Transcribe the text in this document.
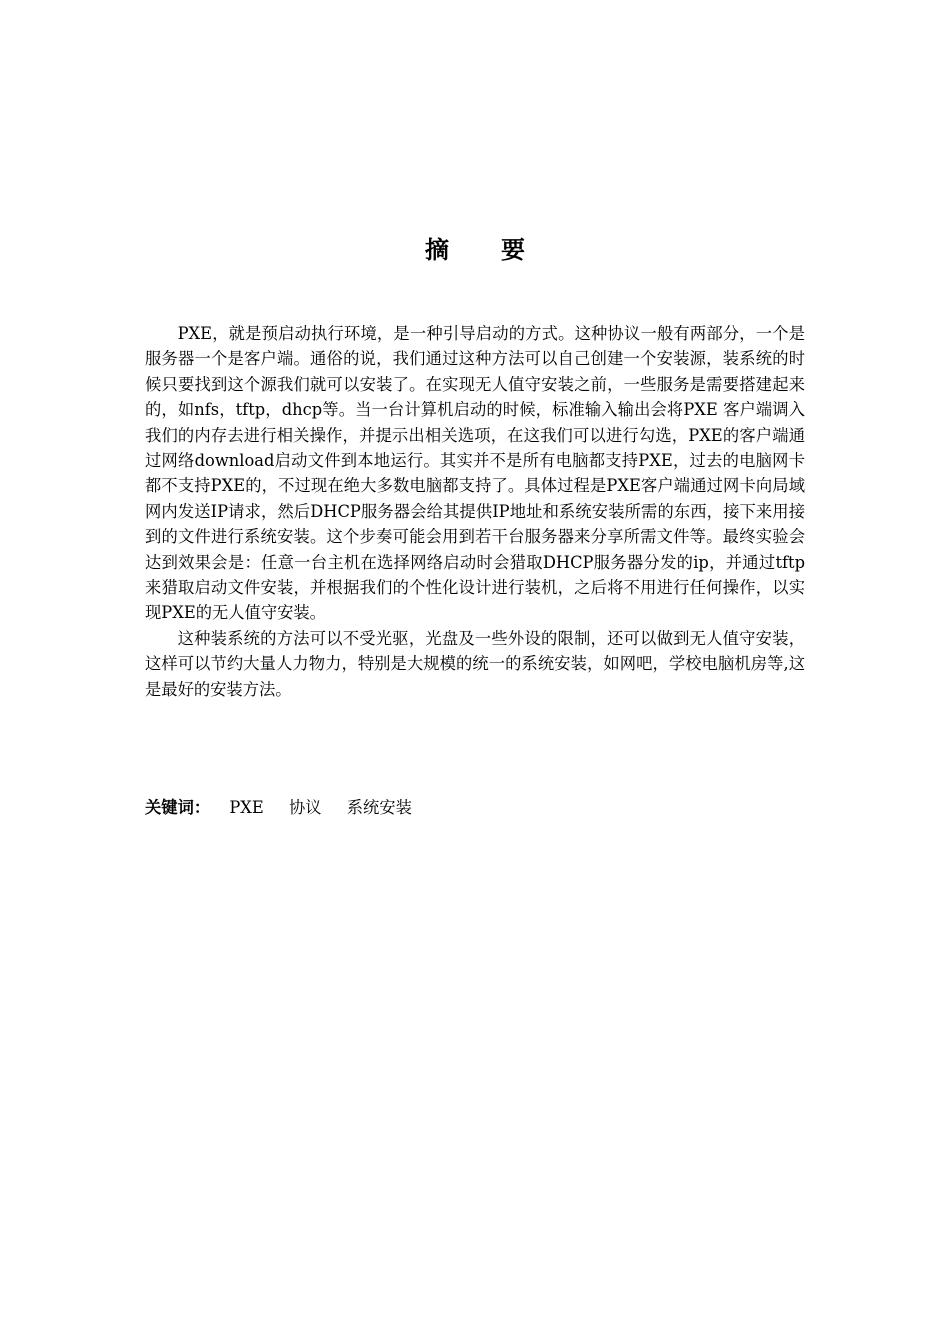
摘要

PXE，就是预启动执行环境，是一种引导启动的方式。这种协议一般有两部分，一个是服务器一个是客户端。通俗的说，我们通过这种方法可以自己创建一个安装源，装系统的时候只要找到这个源我们就可以安装了。在实现无人值守安装之前，一些服务是需要搭建起来的，如nfs，tftp，dhcp等。当一台计算机启动的时候，标准输入输出会将PXE 客户端调入我们的内存去进行相关操作，并提示出相关选项，在这我们可以进行勾选，PXE的客户端通过网络download启动文件到本地运行。其实并不是所有电脑都支持PXE，过去的电脑网卡都不支持PXE的，不过现在绝大多数电脑都支持了。具体过程是PXE客户端通过网卡向局域网内发送IP请求，然后DHCP服务器会给其提供IP地址和系统安装所需的东西，接下来用接到的文件进行系统安装。这个步奏可能会用到若干台服务器来分享所需文件等。最终实验会达到效果会是：任意一台主机在选择网络启动时会猎取DHCP服务器分发的ip，并通过tftp来猎取启动文件安装，并根据我们的个性化设计进行装机，之后将不用进行任何操作，以实现PXE的无人值守安装。

这种装系统的方法可以不受光驱，光盘及一些外设的限制，还可以做到无人值守安装，这样可以节约大量人力物力，特别是大规模的统一的系统安装，如网吧，学校电脑机房等,这是最好的安装方法。

关键词： PXE 协议 系统安装
